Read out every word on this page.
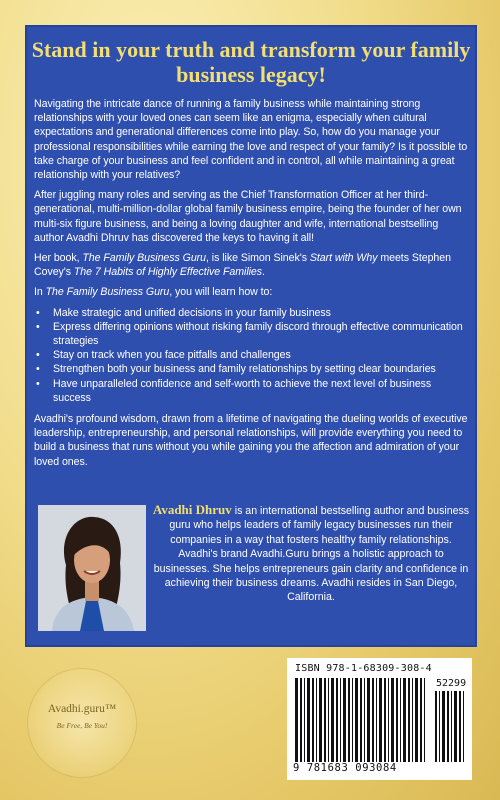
Stand in your truth and transform your family business legacy!

Navigating the intricate dance of running a family business while maintaining strong relationships with your loved ones can seem like an enigma, especially when cultural expectations and generational differences come into play. So, how do you manage your professional responsibilities while earning the love and respect of your family? Is it possible to take charge of your business and feel confident and in control, all while maintaining a great relationship with your relatives?

After juggling many roles and serving as the Chief Transformation Officer at her third-generational, multi-million-dollar global family business empire, being the founder of her own multi-six figure business, and being a loving daughter and wife, international bestselling author Avadhi Dhruv has discovered the keys to having it all!

Her book, The Family Business Guru, is like Simon Sinek's Start with Why meets Stephen Covey's The 7 Habits of Highly Effective Families.

In The Family Business Guru, you will learn how to:

• Make strategic and unified decisions in your family business
• Express differing opinions without risking family discord through effective communication strategies
• Stay on track when you face pitfalls and challenges
• Strengthen both your business and family relationships by setting clear boundaries
• Have unparalleled confidence and self-worth to achieve the next level of business success

Avadhi's profound wisdom, drawn from a lifetime of navigating the dueling worlds of executive leadership, entrepreneurship, and personal relationships, will provide everything you need to build a business that runs without you while gaining you the affection and admiration of your loved ones.

Avadhi Dhruv is an international bestselling author and business guru who helps leaders of family legacy businesses run their companies in a way that fosters healthy family relationships. Avadhi's brand Avadhi.Guru brings a holistic approach to businesses. She helps entrepreneurs gain clarity and confidence in achieving their business dreams. Avadhi resides in San Diego, California.
Avadhi.guru™
Be Free, Be You!
ISBN 978-1-68309-308-4
52299
9 781683 093084
